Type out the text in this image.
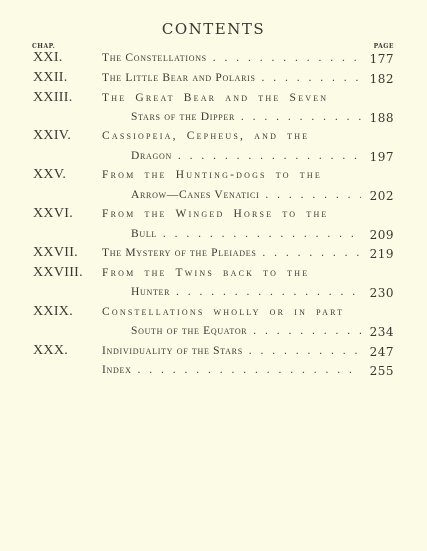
CONTENTS
CHAP.	PAGE
XXI.	The Constellations . . .	177
XXII.	The Little Bear and Polaris . . .	182
XXIII.	The Great Bear and the Seven
Stars of the Dipper . . .	188
XXIV.	Cassiopeia, Cepheus, and the
Dragon . . .	197
XXV.	From the Hunting-dogs to the
Arrow—Canes Venatici . . .	202
XXVI.	From the Winged Horse to the
Bull . . .	209
XXVII. The Mystery of the Pleiades . . .	219
XXVIII. From the Twins back to the
Hunter . . .	230
XXIX.	Constellations wholly or in part
South of the Equator . . .	234
XXX.	Individuality of the Stars . . .	247
Index . . .	255
